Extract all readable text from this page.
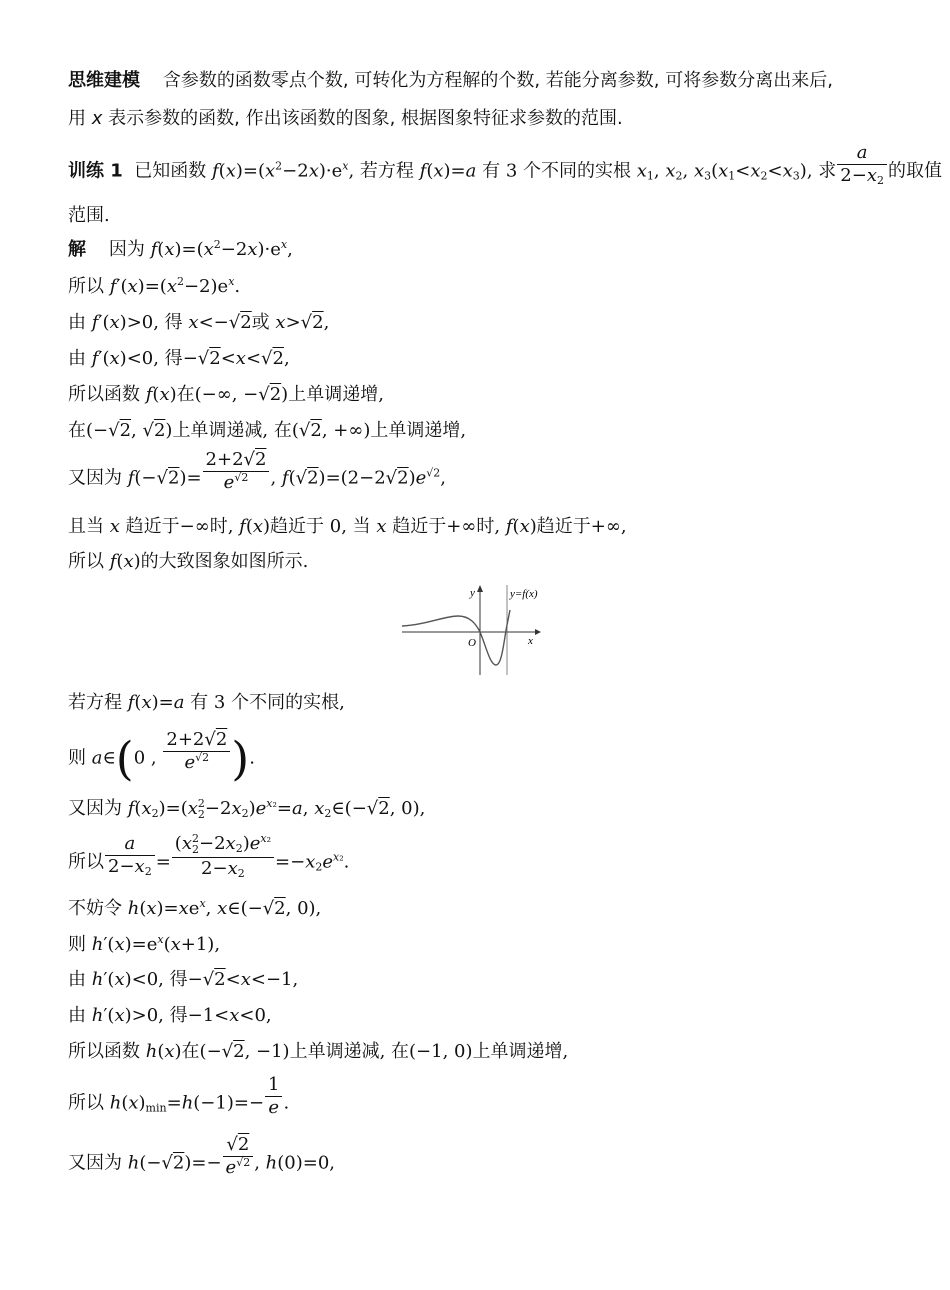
思维建模 含参数的函数零点个数, 可转化为方程解的个数, 若能分离参数, 可将参数分离出来后,
用 x 表示参数的函数, 作出该函数的图象, 根据图象特征求参数的范围.
训练 1 已知函数 $f(x)=(x^2-2x)\cdot e^x$, 若方程 f(x)=a 有 3 个不同的实根 $x_1$, $x_2$, $x_3(x_1<x_2<x_3)$, 求 $\frac{a}{2-x_2}$ 的取值
范围.
解 因为 $f(x)=(x^2-2x)\cdot e^x$,
所以 $f'(x)=(x^2-2)e^x$.
由 f′(x)>0, 得 x<−√2或 x>√2,
由 f′(x)<0, 得−√2<x<√2,
所以函数 f(x)在(−∞, −√2)上单调递增,
在(−√2, √2)上单调递减, 在(√2, +∞)上单调递增,
又因为 $f(-√2)= \frac{2+2√2}{e^{√2}}$ , $f(√2)=(2-2√2)e^{√2}$,
且当 x 趋近于−∞时, f(x)趋近于 0, 当 x 趋近于+∞时, f(x)趋近于+∞,
所以 f(x)的大致图象如图所示.
y
x
O
y=f(x)
若方程 f(x)=a 有 3 个不同的实根,
则 a∈(0 , $\frac{2+2√2}{e^{√2}}$ ).
又因为 $f(x_2)=(x$ 2
$2 -2x_2)e^{x_2}=a$, $x_2\in(-√2$, 0),
所以 $\frac{a}{2-x_2} = (x$ 2
$2 -2x_2)e^{x_2}$
$2-x_2 =-x_2e^{x_2}$.
不妨令 $h(x)=xe^x$, x∈(−√2, 0),
则 $h'(x)=e^x(x+1)$,
由 h′(x)<0, 得−√2<x<−1,
由 h′(x)>0, 得−1<x<0,
所以函数 h(x)在(−√2, −1)上单调递减, 在(−1, 0)上单调递增,
所以 $h(x)_{min}=h(-1)=- \frac{1}{e}$ .
又因为 $h(-√2)=- \frac{√2}{e^{√2}}$ , h(0)=0,
